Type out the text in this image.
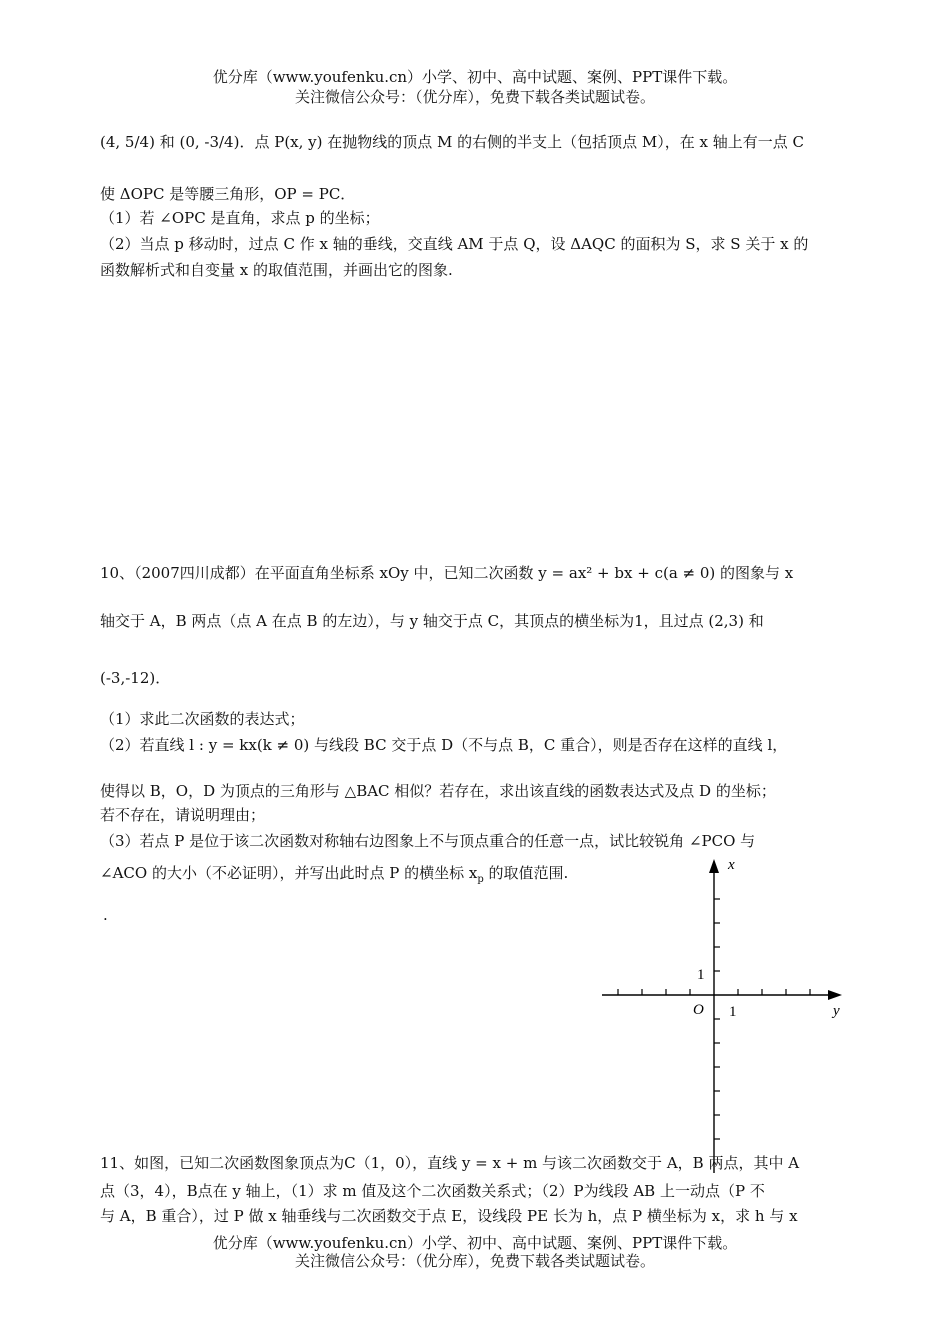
优分库（www.youfenku.cn）小学、初中、高中试题、案例、PPT课件下载。
关注微信公众号：（优分库），免费下载各类试题试卷。
(4, 5/4) 和 (0, -3/4)．点 P(x, y) 在抛物线的顶点 M 的右侧的半支上（包括顶点 M），在 x 轴上有一点 C
使 ΔOPC 是等腰三角形，OP = PC．
（1）若 ∠OPC 是直角，求点 p 的坐标；
（2）当点 p 移动时，过点 C 作 x 轴的垂线，交直线 AM 于点 Q，设 ΔAQC 的面积为 S，求 S 关于 x 的
函数解析式和自变量 x 的取值范围，并画出它的图象.
10、（2007四川成都）在平面直角坐标系 xOy 中，已知二次函数 y = ax² + bx + c(a ≠ 0) 的图象与 x
轴交于 A，B 两点（点 A 在点 B 的左边），与 y 轴交于点 C，其顶点的横坐标为1，且过点 (2,3) 和
(-3,-12)．
（1）求此二次函数的表达式；
（2）若直线 l : y = kx(k ≠ 0) 与线段 BC 交于点 D（不与点 B，C 重合），则是否存在这样的直线 l，
使得以 B，O，D 为顶点的三角形与 △BAC 相似？若存在，求出该直线的函数表达式及点 D 的坐标；
若不存在，请说明理由；
（3）若点 P 是位于该二次函数对称轴右边图象上不与顶点重合的任意一点，试比较锐角 ∠PCO 与
∠ACO 的大小（不必证明），并写出此时点 P 的横坐标 $x_p$ 的取值范围.
.
x
y
O
1
1
11、如图，已知二次函数图象顶点为C（1，0），直线 y = x + m 与该二次函数交于 A，B 两点，其中 A
点（3，4），B点在 y 轴上，（1）求 m 值及这个二次函数关系式；（2）P为线段 AB 上一动点（P 不
与 A，B 重合），过 P 做 x 轴垂线与二次函数交于点 E，设线段 PE 长为 h，点 P 横坐标为 x，求 h 与 x
优分库（www.youfenku.cn）小学、初中、高中试题、案例、PPT课件下载。
关注微信公众号：（优分库），免费下载各类试题试卷。
